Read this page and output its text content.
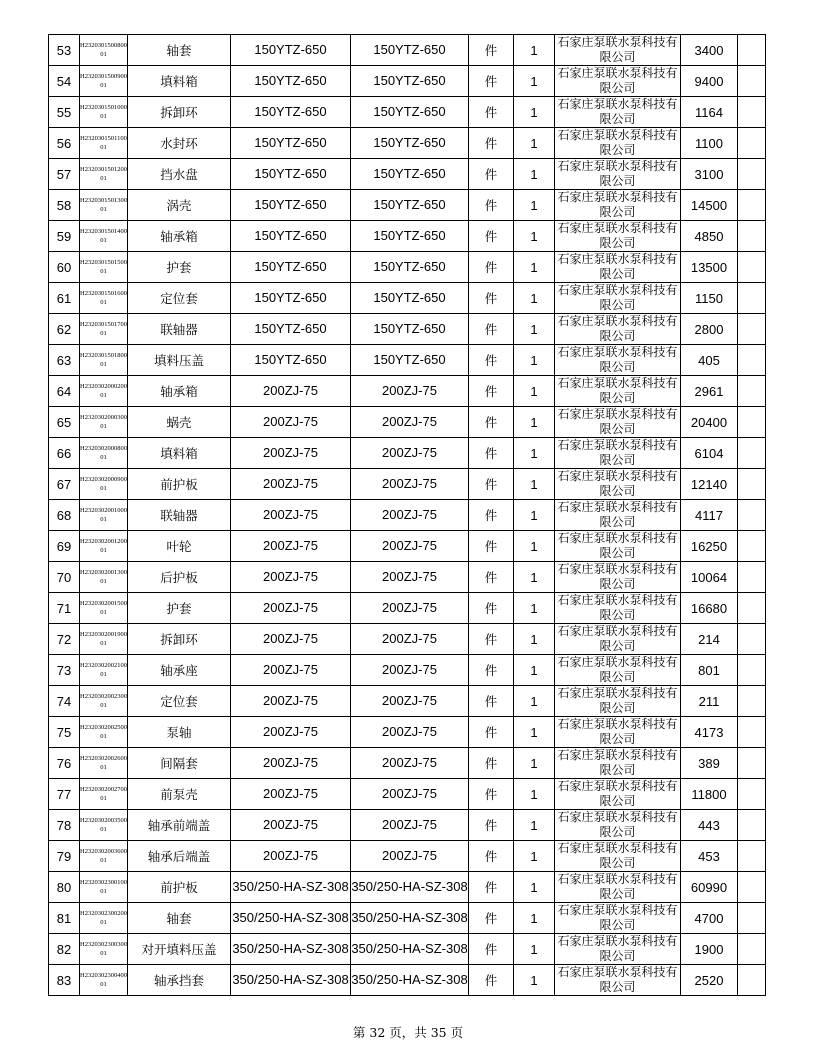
53	H232030150080001	轴套	150YTZ-650	150YTZ-650	件	1	石家庄泵联水泵科技有限公司	3400	
54	H232030150090001	填料箱	150YTZ-650	150YTZ-650	件	1	石家庄泵联水泵科技有限公司	9400	
55	H232030150100001	拆卸环	150YTZ-650	150YTZ-650	件	1	石家庄泵联水泵科技有限公司	1164	
56	H232030150110001	水封环	150YTZ-650	150YTZ-650	件	1	石家庄泵联水泵科技有限公司	1100	
57	H232030150120001	挡水盘	150YTZ-650	150YTZ-650	件	1	石家庄泵联水泵科技有限公司	3100	
58	H232030150130001	涡壳	150YTZ-650	150YTZ-650	件	1	石家庄泵联水泵科技有限公司	14500	
59	H232030150140001	轴承箱	150YTZ-650	150YTZ-650	件	1	石家庄泵联水泵科技有限公司	4850	
60	H232030150150001	护套	150YTZ-650	150YTZ-650	件	1	石家庄泵联水泵科技有限公司	13500	
61	H232030150160001	定位套	150YTZ-650	150YTZ-650	件	1	石家庄泵联水泵科技有限公司	1150	
62	H232030150170001	联轴器	150YTZ-650	150YTZ-650	件	1	石家庄泵联水泵科技有限公司	2800	
63	H232030150180001	填料压盖	150YTZ-650	150YTZ-650	件	1	石家庄泵联水泵科技有限公司	405	
64	H232030200020001	轴承箱	200ZJ-75	200ZJ-75	件	1	石家庄泵联水泵科技有限公司	2961	
65	H232030200030001	蜗壳	200ZJ-75	200ZJ-75	件	1	石家庄泵联水泵科技有限公司	20400	
66	H232030200080001	填料箱	200ZJ-75	200ZJ-75	件	1	石家庄泵联水泵科技有限公司	6104	
67	H232030200090001	前护板	200ZJ-75	200ZJ-75	件	1	石家庄泵联水泵科技有限公司	12140	
68	H232030200100001	联轴器	200ZJ-75	200ZJ-75	件	1	石家庄泵联水泵科技有限公司	4117	
69	H232030200120001	叶轮	200ZJ-75	200ZJ-75	件	1	石家庄泵联水泵科技有限公司	16250	
70	H232030200130001	后护板	200ZJ-75	200ZJ-75	件	1	石家庄泵联水泵科技有限公司	10064	
71	H232030200150001	护套	200ZJ-75	200ZJ-75	件	1	石家庄泵联水泵科技有限公司	16680	
72	H232030200190001	拆卸环	200ZJ-75	200ZJ-75	件	1	石家庄泵联水泵科技有限公司	214	
73	H232030200210001	轴承座	200ZJ-75	200ZJ-75	件	1	石家庄泵联水泵科技有限公司	801	
74	H232030200230001	定位套	200ZJ-75	200ZJ-75	件	1	石家庄泵联水泵科技有限公司	211	
75	H232030200250001	泵轴	200ZJ-75	200ZJ-75	件	1	石家庄泵联水泵科技有限公司	4173	
76	H232030200260001	间隔套	200ZJ-75	200ZJ-75	件	1	石家庄泵联水泵科技有限公司	389	
77	H232030200270001	前泵壳	200ZJ-75	200ZJ-75	件	1	石家庄泵联水泵科技有限公司	11800	
78	H232030200350001	轴承前端盖	200ZJ-75	200ZJ-75	件	1	石家庄泵联水泵科技有限公司	443	
79	H232030200360001	轴承后端盖	200ZJ-75	200ZJ-75	件	1	石家庄泵联水泵科技有限公司	453	
80	H232030230010001	前护板	350/250-HA-SZ-308	350/250-HA-SZ-308	件	1	石家庄泵联水泵科技有限公司	60990	
81	H232030230020001	轴套	350/250-HA-SZ-308	350/250-HA-SZ-308	件	1	石家庄泵联水泵科技有限公司	4700	
82	H232030230030001	对开填料压盖	350/250-HA-SZ-308	350/250-HA-SZ-308	件	1	石家庄泵联水泵科技有限公司	1900	
83	H232030230040001	轴承挡套	350/250-HA-SZ-308	350/250-HA-SZ-308	件	1	石家庄泵联水泵科技有限公司	2520	
第 32 页，共 35 页
